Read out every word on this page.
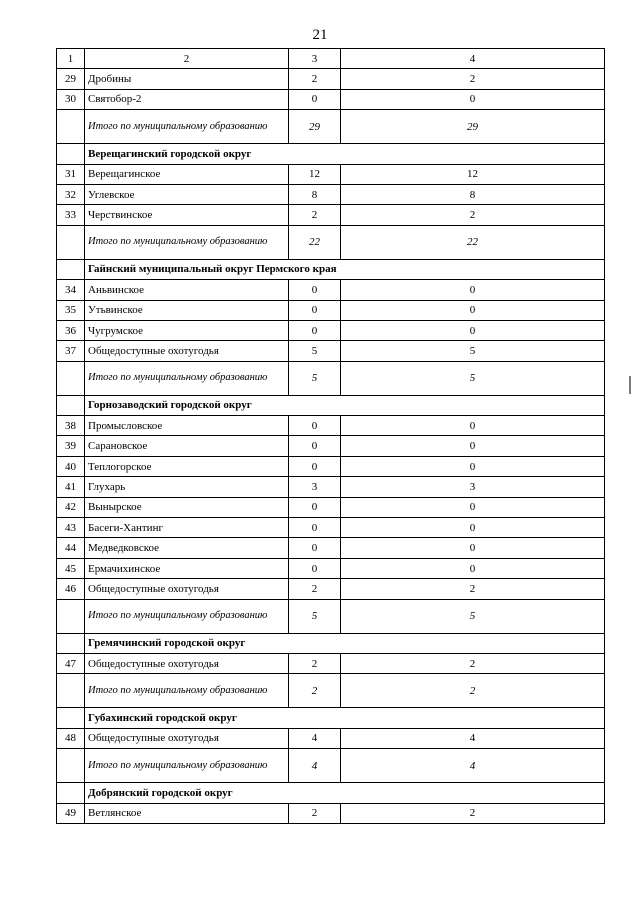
21
1	2	3	4
29	Дробины	2	2
30	Святобор-2	0	0
	Итого по муниципальному образованию	29	29
	Верещагинский городской округ		
31	Верещагинское	12	12
32	Углевское	8	8
33	Черствинское	2	2
	Итого по муниципальному образованию	22	22
	Гайнский муниципальный округ Пермского края		
34	Аньвинское	0	0
35	Утьвинское	0	0
36	Чугрумское	0	0
37	Общедоступные охотугодья	5	5
	Итого по муниципальному образованию	5	5
	Горнозаводский городской округ		
38	Промысловское	0	0
39	Сарановское	0	0
40	Теплогорское	0	0
41	Глухарь	3	3
42	Вынырское	0	0
43	Басеги-Хантинг	0	0
44	Медведковское	0	0
45	Ермачихинское	0	0
46	Общедоступные охотугодья	2	2
	Итого по муниципальному образованию	5	5
	Гремячинский городской округ		
47	Общедоступные охотугодья	2	2
	Итого по муниципальному образованию	2	2
	Губахинский городской округ		
48	Общедоступные охотугодья	4	4
	Итого по муниципальному образованию	4	4
	Добрянский городской округ		
49	Ветлянское	2	2
